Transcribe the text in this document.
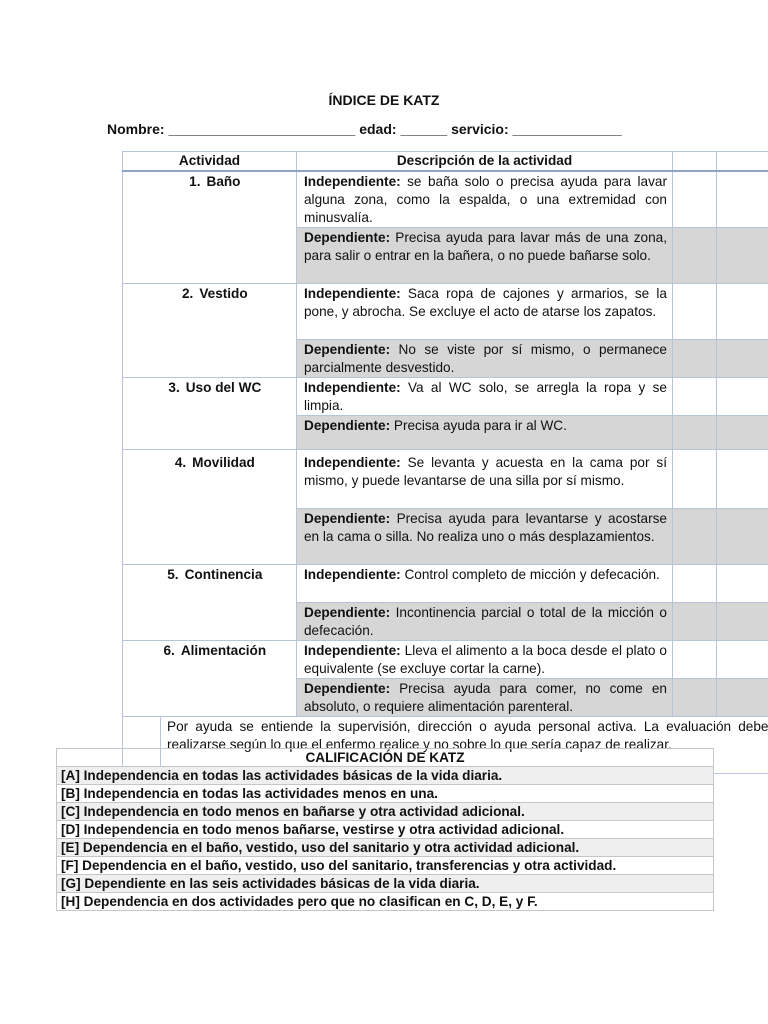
ÍNDICE DE KATZ
Nombre: ________________________ edad: ______ servicio: ______________
Actividad		Descripción de la actividad		
1. Baño		Independiente: se baña solo o precisa ayuda para lavar alguna zona, como la espalda, o una extremidad con minusvalía.		
		Dependiente: Precisa ayuda para lavar más de una zona, para salir o entrar en la bañera, o no puede bañarse solo.		
2. Vestido		Independiente: Saca ropa de cajones y armarios, se la pone, y abrocha. Se excluye el acto de atarse los zapatos.		
		Dependiente: No se viste por sí mismo, o permanece parcialmente desvestido.		
3. Uso del WC		Independiente: Va al WC solo, se arregla la ropa y se limpia.		
		Dependiente: Precisa ayuda para ir al WC.		
4. Movilidad		Independiente: Se levanta y acuesta en la cama por sí mismo, y puede levantarse de una silla por sí mismo.		
		Dependiente: Precisa ayuda para levantarse y acostarse en la cama o silla. No realiza uno o más desplazamientos.		
5. Continencia		Independiente: Control completo de micción y defecación.		
		Dependiente: Incontinencia parcial o total de la micción o defecación.		
6. Alimentación		Independiente: Lleva el alimento a la boca desde el plato o equivalente (se excluye cortar la carne).		
		Dependiente: Precisa ayuda para comer, no come en absoluto, o requiere alimentación parenteral.		
	Por ayuda se entiende la supervisión, dirección o ayuda personal activa. La evaluación debe realizarse según lo que el enfermo realice y no sobre lo que sería capaz de realizar.			
CALIFICACIÓN DE KATZ
[A] Independencia en todas las actividades básicas de la vida diaria.
[B] Independencia en todas las actividades menos en una.
[C] Independencia en todo menos en bañarse y otra actividad adicional.
[D] Independencia en todo menos bañarse, vestirse y otra actividad adicional.
[E] Dependencia en el baño, vestido, uso del sanitario y otra actividad adicional.
[F] Dependencia en el baño, vestido, uso del sanitario, transferencias y otra actividad.
[G] Dependiente en las seis actividades básicas de la vida diaria.
[H] Dependencia en dos actividades pero que no clasifican en C, D, E, y F.
